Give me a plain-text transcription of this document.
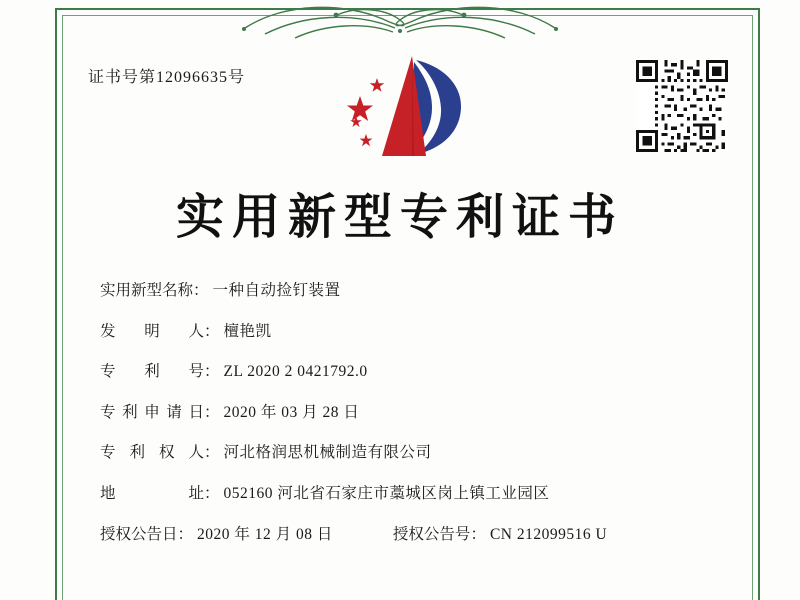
证书号第12096635号
实用新型专利证书
实用新型名称 ： 一种自动捡钉装置
发明人 ： 檀艳凯
专利号 ： ZL 2020 2 0421792.0
专利申请日 ： 2020 年 03 月 28 日
专利权人 ： 河北格润思机械制造有限公司
地址 ： 052160 河北省石家庄市藁城区岗上镇工业园区
授权公告日 ： 2020 年 12 月 08 日	授权公告号 ： CN 212099516 U
